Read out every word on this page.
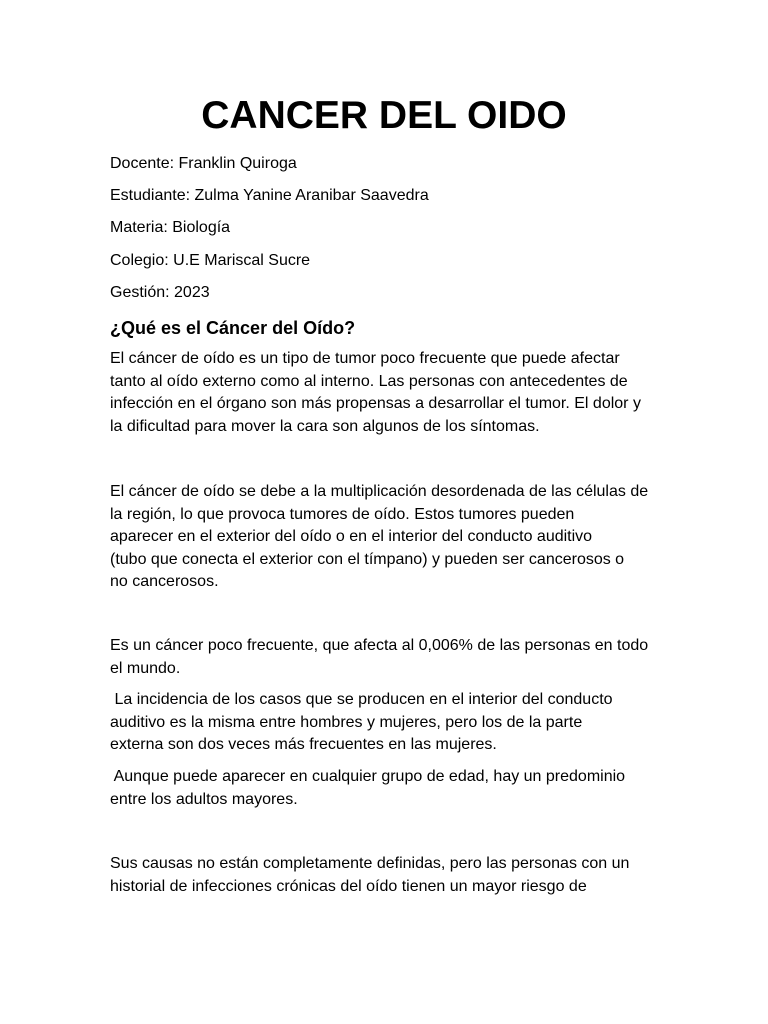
CANCER DEL OIDO

Docente: Franklin Quiroga

Estudiante: Zulma Yanine Aranibar Saavedra

Materia: Biología

Colegio: U.E Mariscal Sucre

Gestión: 2023

¿Qué es el Cáncer del Oído?
El cáncer de oído es un tipo de tumor poco frecuente que puede afectar
tanto al oído externo como al interno. Las personas con antecedentes de
infección en el órgano son más propensas a desarrollar el tumor. El dolor y
la dificultad para mover la cara son algunos de los síntomas.
El cáncer de oído se debe a la multiplicación desordenada de las células de
la región, lo que provoca tumores de oído. Estos tumores pueden
aparecer en el exterior del oído o en el interior del conducto auditivo
(tubo que conecta el exterior con el tímpano) y pueden ser cancerosos o
no cancerosos.
Es un cáncer poco frecuente, que afecta al 0,006% de las personas en todo
el mundo.
La incidencia de los casos que se producen en el interior del conducto
auditivo es la misma entre hombres y mujeres, pero los de la parte
externa son dos veces más frecuentes en las mujeres.
Aunque puede aparecer en cualquier grupo de edad, hay un predominio
entre los adultos mayores.
Sus causas no están completamente definidas, pero las personas con un
historial de infecciones crónicas del oído tienen un mayor riesgo de
